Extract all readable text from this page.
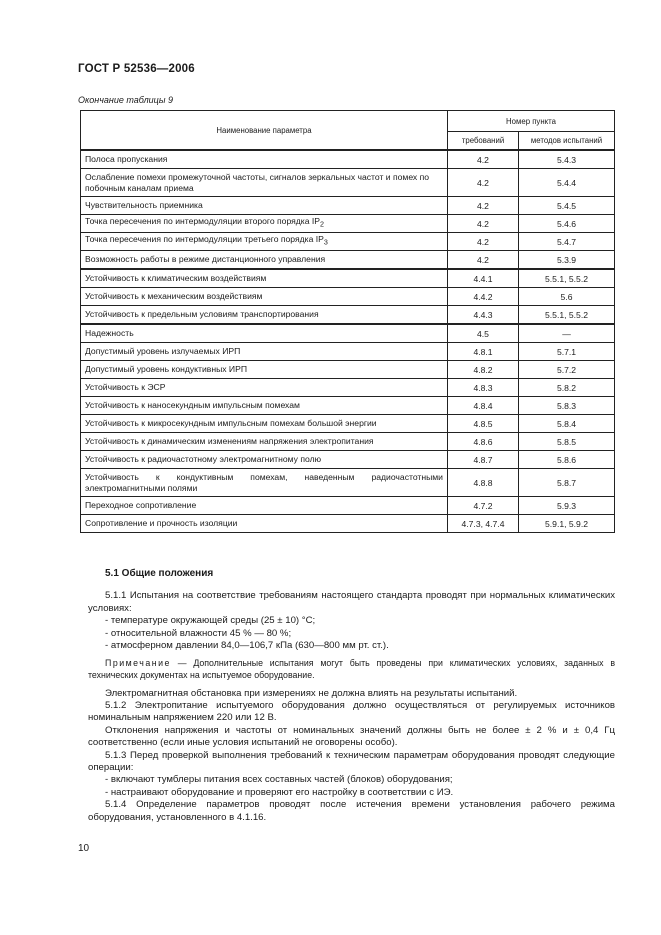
ГОСТ Р 52536—2006
Окончание таблицы 9
Наименование параметра	Номер пункта	
	требований	методов испытаний
Полоса пропускания	4.2	5.4.3
Ослабление помехи промежуточной частоты, сигналов зеркальных частот и помех по побочным каналам приема	4.2	5.4.4
Чувствительность приемника	4.2	5.4.5
Точка пересечения по интермодуляции второго порядка $IP_2$	4.2	5.4.6
Точка пересечения по интермодуляции третьего порядка $IP_3$	4.2	5.4.7
Возможность работы в режиме дистанционного управления	4.2	5.3.9
Устойчивость к климатическим воздействиям	4.4.1	5.5.1, 5.5.2
Устойчивость к механическим воздействиям	4.4.2	5.6
Устойчивость к предельным условиям транспортирования	4.4.3	5.5.1, 5.5.2
Надежность	4.5	—
Допустимый уровень излучаемых ИРП	4.8.1	5.7.1
Допустимый уровень кондуктивных ИРП	4.8.2	5.7.2
Устойчивость к ЭСР	4.8.3	5.8.2
Устойчивость к наносекундным импульсным помехам	4.8.4	5.8.3
Устойчивость к микросекундным импульсным помехам большой энергии	4.8.5	5.8.4
Устойчивость к динамическим изменениям напряжения электропитания	4.8.6	5.8.5
Устойчивость к радиочастотному электромагнитному полю	4.8.7	5.8.6
Устойчивость к кондуктивным помехам, наведенным радиочастотными электромагнитными полями	4.8.8	5.8.7
Переходное сопротивление	4.7.2	5.9.3
Сопротивление и прочность изоляции	4.7.3, 4.7.4	5.9.1, 5.9.2

5.1 Общие положения

5.1.1 Испытания на соответствие требованиям настоящего стандарта проводят при нормальных климатических условиях:

- температуре окружающей среды (25 ± 10) °С;

- относительной влажности 45 % — 80 %;

- атмосферном давлении 84,0—106,7 кПа (630—800 мм рт. ст.).

Примечание — Дополнительные испытания могут быть проведены при климатических условиях, заданных в технических документах на испытуемое оборудование.

Электромагнитная обстановка при измерениях не должна влиять на результаты испытаний.

5.1.2 Электропитание испытуемого оборудования должно осуществляться от регулируемых источников номинальным напряжением 220 или 12 В.

Отклонения напряжения и частоты от номинальных значений должны быть не более ± 2 % и ± 0,4 Гц соответственно (если иные условия испытаний не оговорены особо).

5.1.3 Перед проверкой выполнения требований к техническим параметрам оборудования проводят следующие операции:

- включают тумблеры питания всех составных частей (блоков) оборудования;

- настраивают оборудование и проверяют его настройку в соответствии с ИЭ.

5.1.4 Определение параметров проводят после истечения времени установления рабочего режима оборудования, установленного в 4.1.16.

10
